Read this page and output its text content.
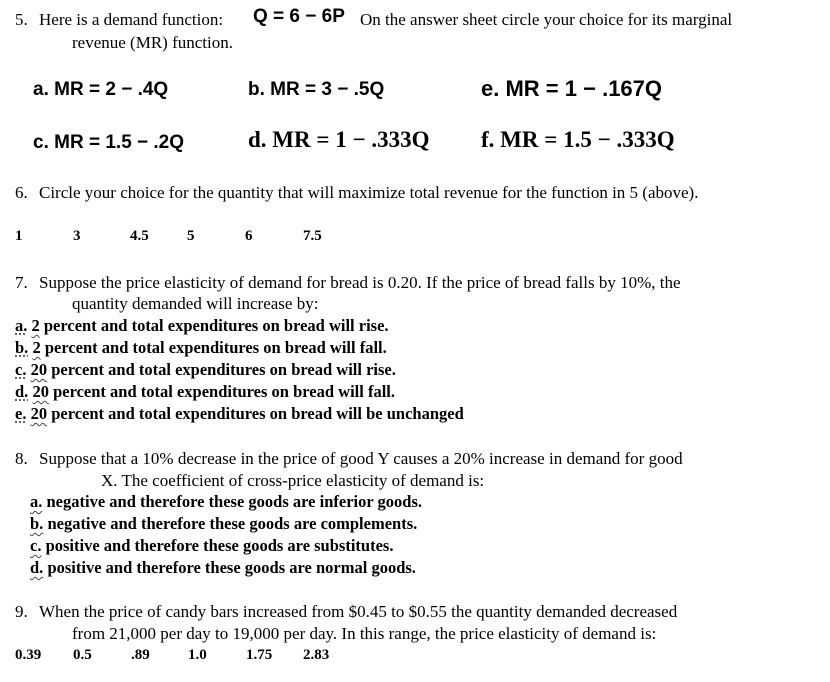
5. Here is a demand function: Q = 6 − 6P On the answer sheet circle your choice for its marginal
revenue (MR) function.
a. MR = 2 − .4Q	b. MR = 3 − .5Q	e. MR = 1 − .167Q
c. MR = 1.5 − .2Q	d. MR = 1 − .333Q f. MR = 1.5 − .333Q
6. Circle your choice for the quantity that will maximize total revenue for the function in 5 (above).
1	3	4.5	5	6	7.5
7. Suppose the price elasticity of demand for bread is 0.20. If the price of bread falls by 10%, the
quantity demanded will increase by:
a. 2 percent and total expenditures on bread will rise.
b. 2 percent and total expenditures on bread will fall.
c. 20 percent and total expenditures on bread will rise.
d. 20 percent and total expenditures on bread will fall.
e. 20 percent and total expenditures on bread will be unchanged
8. Suppose that a 10% decrease in the price of good Y causes a 20% increase in demand for good
X. The coefficient of cross-price elasticity of demand is:
a. negative and therefore these goods are inferior goods.
b. negative and therefore these goods are complements.
c. positive and therefore these goods are substitutes.
d. positive and therefore these goods are normal goods.
9. When the price of candy bars increased from $0.45 to $0.55 the quantity demanded decreased
from 21,000 per day to 19,000 per day. In this range, the price elasticity of demand is:
0.39 0.5	.89	1.0	1.75 2.83
